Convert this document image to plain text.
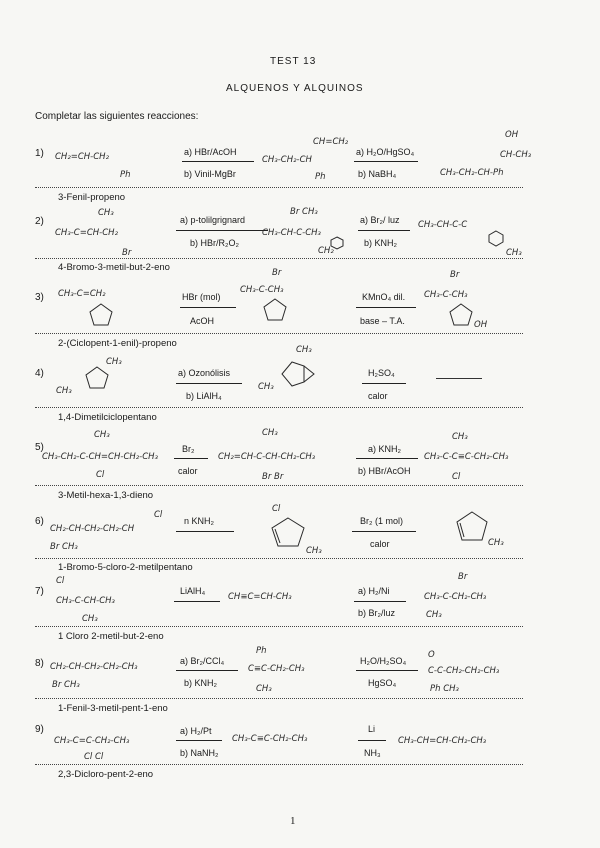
TEST 13
ALQUENOS Y ALQUINOS
Completar las siguientes reacciones:
1) CH₂=CH-CH₂
Ph
a) HBr/AcOH
b) Vinil-MgBr
CH=CH₂
CH₃-CH₂-CH
Ph
a) H₂O/HgSO₄
b) NaBH₄
OH
CH-CH₃
CH₃-CH₂-CH-Ph
3-Fenil-propeno
2)
CH₃
CH₃-C=CH-CH₂
Br
a) p-tolilgrignard
b) HBr/R₂O₂
Br CH₃
CH₃-CH-C-CH₃
CH₂
a) Br₂/ luz
b) KNH₂
CH₃-CH-C-C
CH₃
4-Bromo-3-metil-but-2-eno
3) CH₃-C=CH₂	HBr (mol)
AcOH
Br
CH₃-C-CH₃
KMnO₄ dil.
base – T.A.
Br
CH₃-C-CH₃
OH
2-(Ciclopent-1-enil)-propeno
4)
CH₃
CH₃
a) Ozonólisis
b) LiAlH₄
CH₃
CH₃
H₂SO₄
calor
1,4-Dimetilciclopentano
5)
CH₃
CH₃-CH₂-C-CH=CH-CH₂-CH₃
Cl
Br₂
calor
CH₃
CH₂=CH-C-CH-CH₂-CH₃
Br Br
a) KNH₂
b) HBr/AcOH
CH₃
CH₃-C-C≡C-CH₂-CH₃
Cl
3-Metil-hexa-1,3-dieno
6)
Cl
CH₂-CH-CH₂-CH₂-CH
Br CH₃
n KNH₂
Cl
CH₃
Br₂ (1 mol)
calor	CH₃
1-Bromo-5-cloro-2-metilpentano
7)
Cl
CH₃-C-CH-CH₃
CH₃
LiAlH₄
CH≡C=CH-CH₃
a) H₂/Ni
b) Br₂/luz
Br
CH₃-C-CH₂-CH₃
CH₃
1 Cloro 2-metil-but-2-eno
8) CH₂-CH-CH₂-CH₂-CH₃
Br CH₃
a) Br₂/CCl₄
b) KNH₂
Ph
C≡C-CH₂-CH₃
CH₃
H₂O/H₂SO₄
HgSO₄
O
C-C-CH₂-CH₂-CH₃
Ph CH₃
1-Fenil-3-metil-pent-1-eno
9)
CH₃-C=C-CH₂-CH₃
Cl Cl
a) H₂/Pt
b) NaNH₂
CH₃-C≡C-CH₂-CH₃
Li
NH₃
CH₃-CH=CH-CH₂-CH₃
2,3-Dicloro-pent-2-eno
1
